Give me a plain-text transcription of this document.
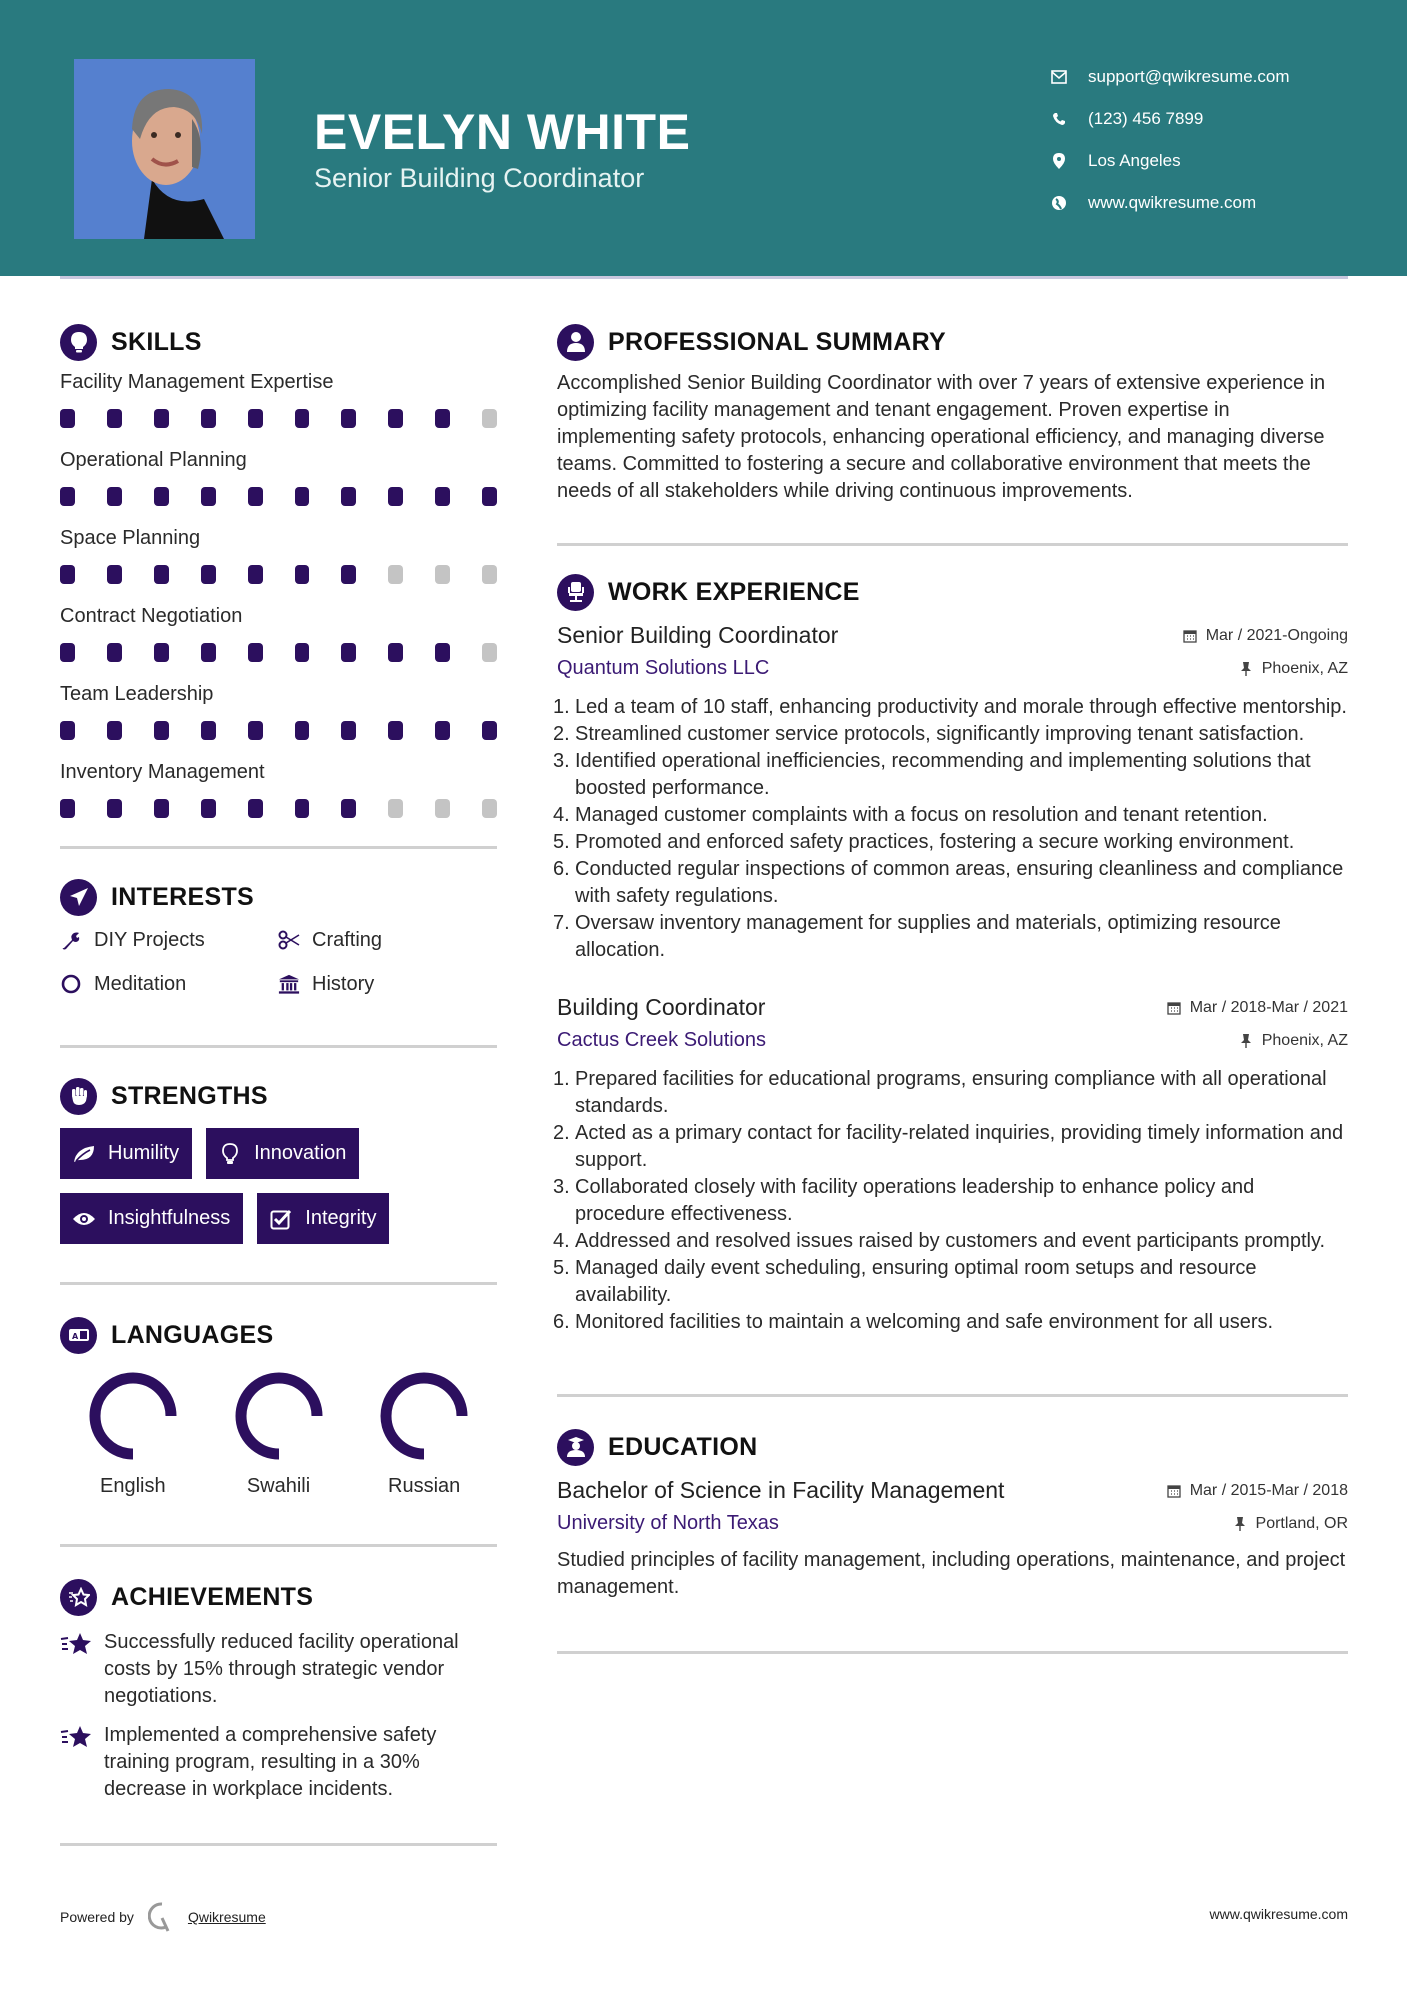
EVELYN WHITE
Senior Building Coordinator
support@qwikresume.com
(123) 456 7899
Los Angeles
www.qwikresume.com
SKILLS
Facility Management Expertise
Operational Planning
Space Planning
Contract Negotiation
Team Leadership
Inventory Management
INTERESTS
DIY Projects	Crafting
Meditation	History
STRENGTHS
Humility	Innovation
Insightfulness	Integrity
A LANGUAGES
English	Swahili	Russian
ACHIEVEMENTS
Successfully reduced facility operational costs by 15% through strategic vendor negotiations.
Implemented a comprehensive safety training program, resulting in a 30% decrease in workplace incidents.
PROFESSIONAL SUMMARY

Accomplished Senior Building Coordinator with over 7 years of extensive experience in optimizing facility management and tenant engagement. Proven expertise in implementing safety protocols, enhancing operational efficiency, and managing diverse teams. Committed to fostering a secure and collaborative environment that meets the needs of all stakeholders while driving continuous improvements.

WORK EXPERIENCE
Senior Building Coordinator	Mar / 2021-Ongoing
Quantum Solutions LLC	Phoenix, AZ
Led a team of 10 staff, enhancing productivity and morale through effective mentorship.
Streamlined customer service protocols, significantly improving tenant satisfaction.
Identified operational inefficiencies, recommending and implementing solutions that boosted performance.
Managed customer complaints with a focus on resolution and tenant retention.
Promoted and enforced safety practices, fostering a secure working environment.
Conducted regular inspections of common areas, ensuring cleanliness and compliance with safety regulations.
Oversaw inventory management for supplies and materials, optimizing resource allocation.
Building Coordinator	Mar / 2018-Mar / 2021
Cactus Creek Solutions	Phoenix, AZ
Prepared facilities for educational programs, ensuring compliance with all operational standards.
Acted as a primary contact for facility-related inquiries, providing timely information and support.
Collaborated closely with facility operations leadership to enhance policy and procedure effectiveness.
Addressed and resolved issues raised by customers and event participants promptly.
Managed daily event scheduling, ensuring optimal room setups and resource availability.
Monitored facilities to maintain a welcoming and safe environment for all users.
EDUCATION
Bachelor of Science in Facility Management	Mar / 2015-Mar / 2018
University of North Texas	Portland, OR

Studied principles of facility management, including operations, maintenance, and project management.

Powered by	Qwikresume	www.qwikresume.com
